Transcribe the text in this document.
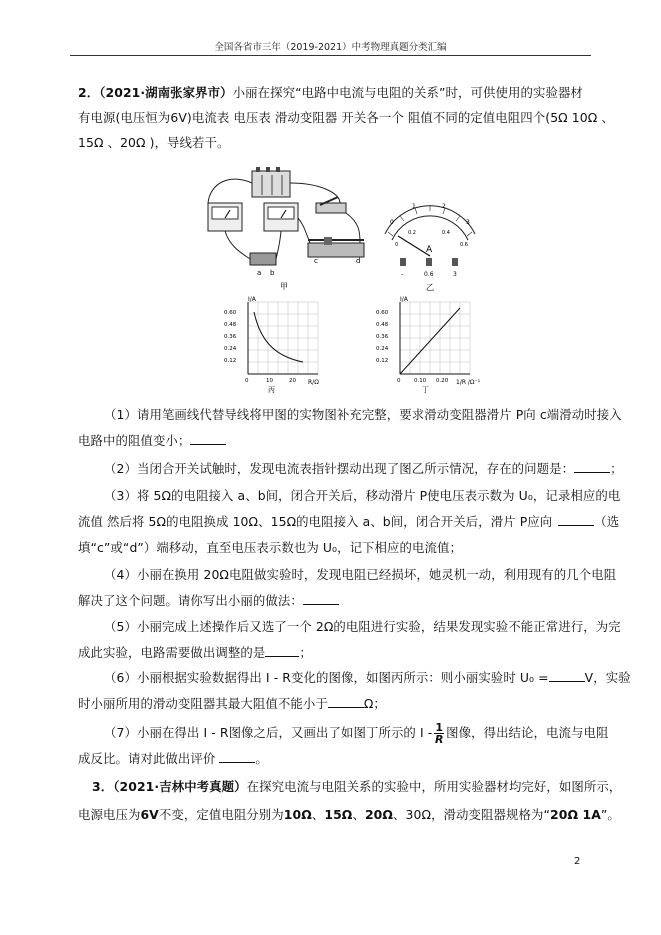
全国各省市三年（2019-2021）中考物理真题分类汇编
2．（2021·湖南张家界市）小丽在探究“电路中电流与电阻的关系”时，可供使用的实验器材
有电源(电压恒为6V)电流表 电压表 滑动变阻器 开关各一个 阻值不同的定值电阻四个(5Ω 10Ω 、
15Ω 、20Ω )，导线若干。
a b
c	d
甲
0
1	2
3
0
0.2	0.4
0.6
A
-	0.6	3
乙
I/A
R/Ω
0.60
0.48
0.36
0.24
0.12
0	10	20
丙
I/A
1/R /Ω⁻¹
0.60
0.48
0.36
0.24
0.12
0 0.10 0.20
丁
（1）请用笔画线代替导线将甲图的实物图补充完整，要求滑动变阻器滑片 P向 c端滑动时接入
电路中的阻值变小；
（2）当闭合开关试触时，发现电流表指针摆动出现了图乙所示情况，存在的问题是：	；
（3）将 5Ω的电阻接入 a、b间，闭合开关后，移动滑片 P使电压表示数为 U₀，记录相应的电
流值 然后将 5Ω的电阻换成 10Ω、15Ω的电阻接入 a、b间，闭合开关后，滑片 P应向	（选
填“c”或“d”）端移动，直至电压表示数也为 U₀，记下相应的电流值；
（4）小丽在换用 20Ω电阻做实验时，发现电阻已经损坏，她灵机一动，利用现有的几个电阻
解决了这个问题。请你写出小丽的做法：
（5）小丽完成上述操作后又选了一个 2Ω的电阻进行实验，结果发现实验不能正常进行，为完
成此实验，电路需要做出调整的是	；
（6）小丽根据实验数据得出 I - R变化的图像，如图丙所示：则小丽实验时 U₀ =	V，实验
时小丽所用的滑动变阻器其最大阻值不能小于	Ω；
（7）小丽在得出 I - R图像之后，又画出了如图丁所示的 I - $\frac{1}{R}$ 图像，得出结论，电流与电阻
成反比。请对此做出评价	。
3．（2021·吉林中考真题）在探究电流与电阻关系的实验中，所用实验器材均完好，如图所示，
电源电压为6V不变，定值电阻分别为10Ω、15Ω、20Ω、30Ω，滑动变阻器规格为“20Ω 1A”。
2
